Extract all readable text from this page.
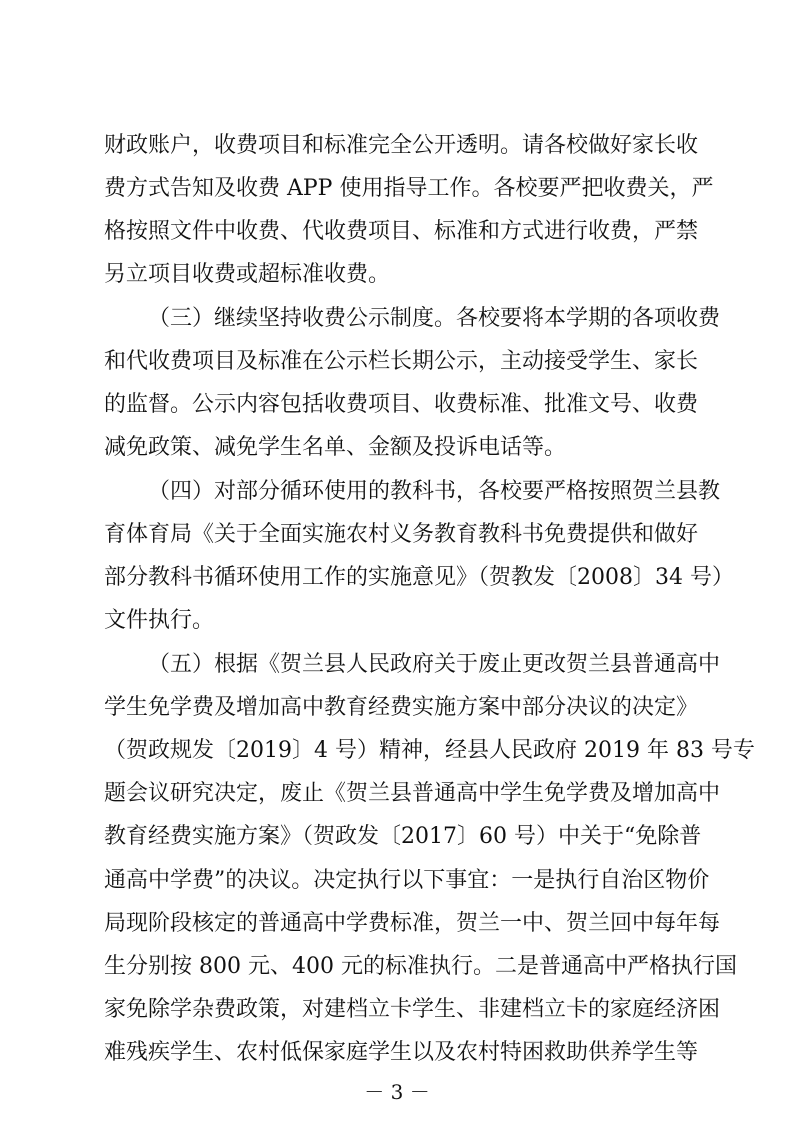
财政账户，收费项目和标准完全公开透明。请各校做好家长收
费方式告知及收费 APP 使用指导工作。各校要严把收费关，严
格按照文件中收费、代收费项目、标准和方式进行收费，严禁
另立项目收费或超标准收费。
（三）继续坚持收费公示制度。各校要将本学期的各项收费
和代收费项目及标准在公示栏长期公示，主动接受学生、家长
的监督。公示内容包括收费项目、收费标准、批准文号、收费
减免政策、减免学生名单、金额及投诉电话等。
（四）对部分循环使用的教科书，各校要严格按照贺兰县教
育体育局《关于全面实施农村义务教育教科书免费提供和做好
部分教科书循环使用工作的实施意见》（贺教发〔2008〕34 号）
文件执行。
（五）根据《贺兰县人民政府关于废止更改贺兰县普通高中
学生免学费及增加高中教育经费实施方案中部分决议的决定》
（贺政规发〔2019〕4 号）精神，经县人民政府 2019 年 83 号专
题会议研究决定，废止《贺兰县普通高中学生免学费及增加高中
教育经费实施方案》（贺政发〔2017〕60 号）中关于“免除普
通高中学费”的决议。决定执行以下事宜：一是执行自治区物价
局现阶段核定的普通高中学费标准，贺兰一中、贺兰回中每年每
生分别按 800 元、400 元的标准执行。二是普通高中严格执行国
家免除学杂费政策，对建档立卡学生、非建档立卡的家庭经济困
难残疾学生、农村低保家庭学生以及农村特困救助供养学生等
－ 3 －
